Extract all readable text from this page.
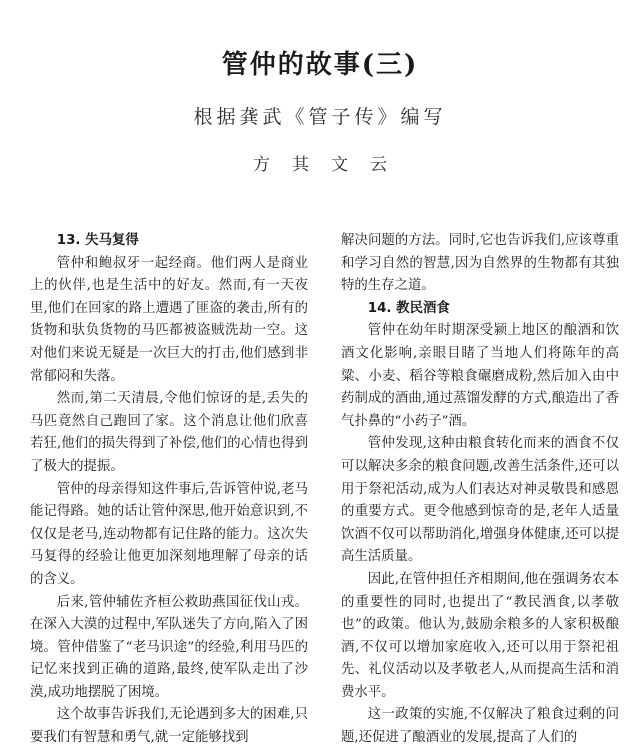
管仲的故事(三)
根据龚武《管子传》编写
方其文云
13. 失马复得

管仲和鲍叔牙一起经商。他们两人是商业上的伙伴,也是生活中的好友。然而,有一天夜里,他们在回家的路上遭遇了匪盗的袭击,所有的货物和驮负货物的马匹都被盗贼洗劫一空。这对他们来说无疑是一次巨大的打击,他们感到非常郁闷和失落。

然而,第二天清晨,令他们惊讶的是,丢失的马匹竟然自己跑回了家。这个消息让他们欣喜若狂,他们的损失得到了补偿,他们的心情也得到了极大的提振。

管仲的母亲得知这件事后,告诉管仲说,老马能记得路。她的话让管仲深思,他开始意识到,不仅仅是老马,连动物都有记住路的能力。这次失马复得的经验让他更加深刻地理解了母亲的话的含义。

后来,管仲辅佐齐桓公救助燕国征伐山戎。在深入大漠的过程中,军队迷失了方向,陷入了困境。管仲借鉴了“老马识途”的经验,利用马匹的记忆来找到正确的道路,最终,使军队走出了沙漠,成功地摆脱了困境。

这个故事告诉我们,无论遇到多大的困难,只要我们有智慧和勇气,就一定能够找到

解决问题的方法。同时,它也告诉我们,应该尊重和学习自然的智慧,因为自然界的生物都有其独特的生存之道。

14. 教民酒食

管仲在幼年时期深受颍上地区的酿酒和饮酒文化影响,亲眼目睹了当地人们将陈年的高粱、小麦、稻谷等粮食碾磨成粉,然后加入由中药制成的酒曲,通过蒸馏发酵的方式,酿造出了香气扑鼻的“小药子”酒。

管仲发现,这种由粮食转化而来的酒食不仅可以解决多余的粮食问题,改善生活条件,还可以用于祭祀活动,成为人们表达对神灵敬畏和感恩的重要方式。更令他感到惊奇的是,老年人适量饮酒不仅可以帮助消化,增强身体健康,还可以提高生活质量。

因此,在管仲担任齐相期间,他在强调务农本的重要性的同时,也提出了“教民酒食,以孝敬也”的政策。他认为,鼓励余粮多的人家积极酿酒,不仅可以增加家庭收入,还可以用于祭祀祖先、礼仪活动以及孝敬老人,从而提高生活和消费水平。

这一政策的实施,不仅解决了粮食过剩的问题,还促进了酿酒业的发展,提高了人们的
